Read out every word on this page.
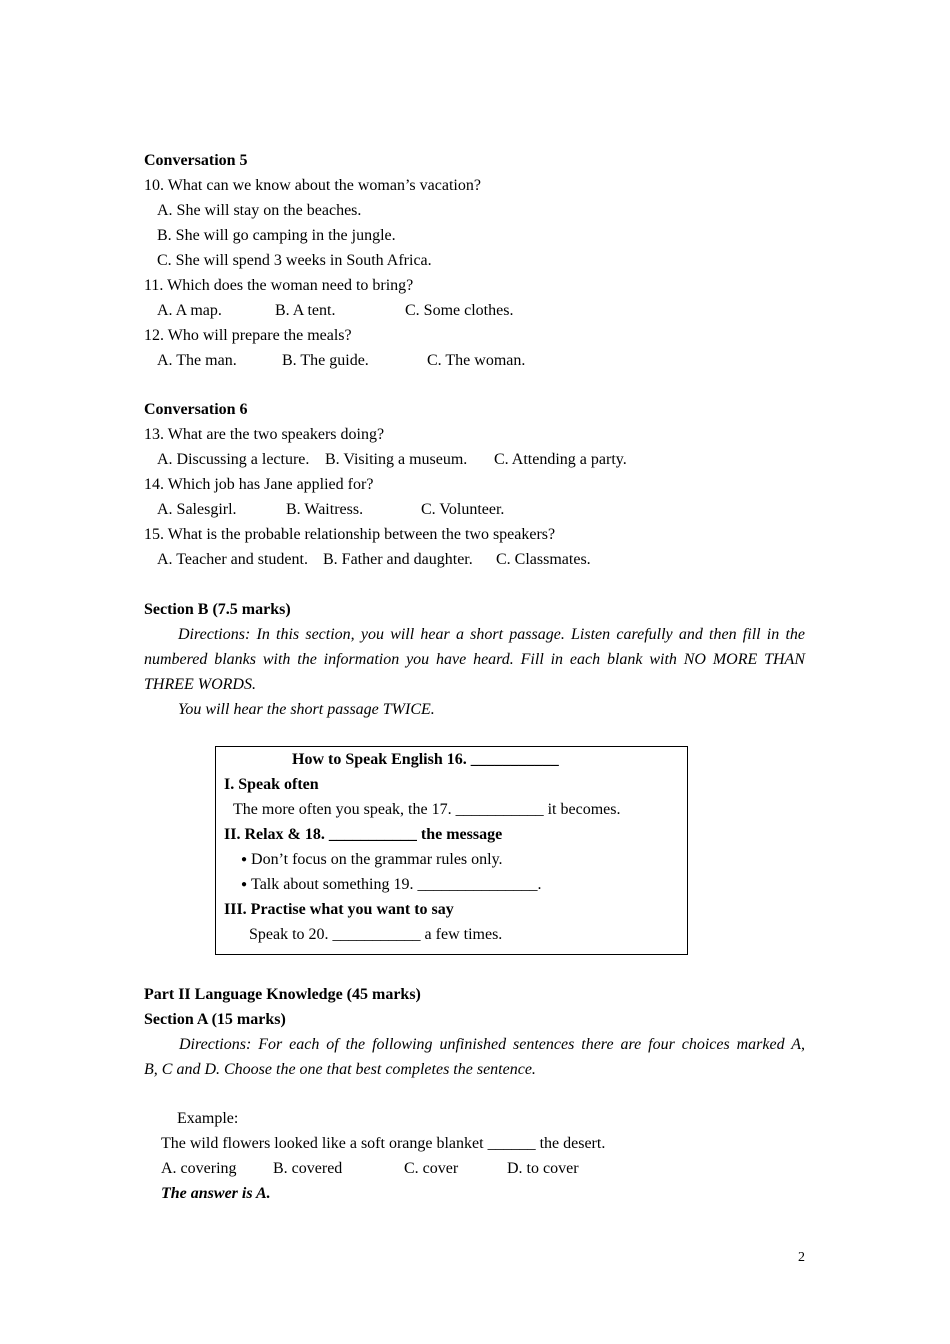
Conversation 5
10. What can we know about the woman’s vacation?
A. She will stay on the beaches.
B. She will go camping in the jungle.
C. She will spend 3 weeks in South Africa.
11. Which does the woman need to bring?
A. A map.	B. A tent.	C. Some clothes.
12. Who will prepare the meals?
A. The man.	B. The guide.	C. The woman.
Conversation 6
13. What are the two speakers doing?
A. Discussing a lecture. B. Visiting a museum. C. Attending a party.
14. Which job has Jane applied for?
A. Salesgirl.	B. Waitress.	C. Volunteer.
15. What is the probable relationship between the two speakers?
A. Teacher and student. B. Father and daughter. C. Classmates.
Section B (7.5 marks)
Directions: In this section, you will hear a short passage. Listen carefully and then fill in the
numbered blanks with the information you have heard. Fill in each blank with NO MORE THAN
THREE WORDS.
You will hear the short passage TWICE.
How to Speak English 16. ___________
I. Speak often
The more often you speak, the 17. ___________ it becomes.
II. Relax & 18. ___________ the message
● Don’t focus on the grammar rules only.
● Talk about something 19. _______________.
III. Practise what you want to say
Speak to 20. ___________ a few times.
Part II Language Knowledge (45 marks)
Section A (15 marks)
Directions: For each of the following unfinished sentences there are four choices marked A,
B, C and D. Choose the one that best completes the sentence.
Example:
The wild flowers looked like a soft orange blanket ______ the desert.
A. covering B. covered	C. cover	D. to cover
The answer is A.
2
